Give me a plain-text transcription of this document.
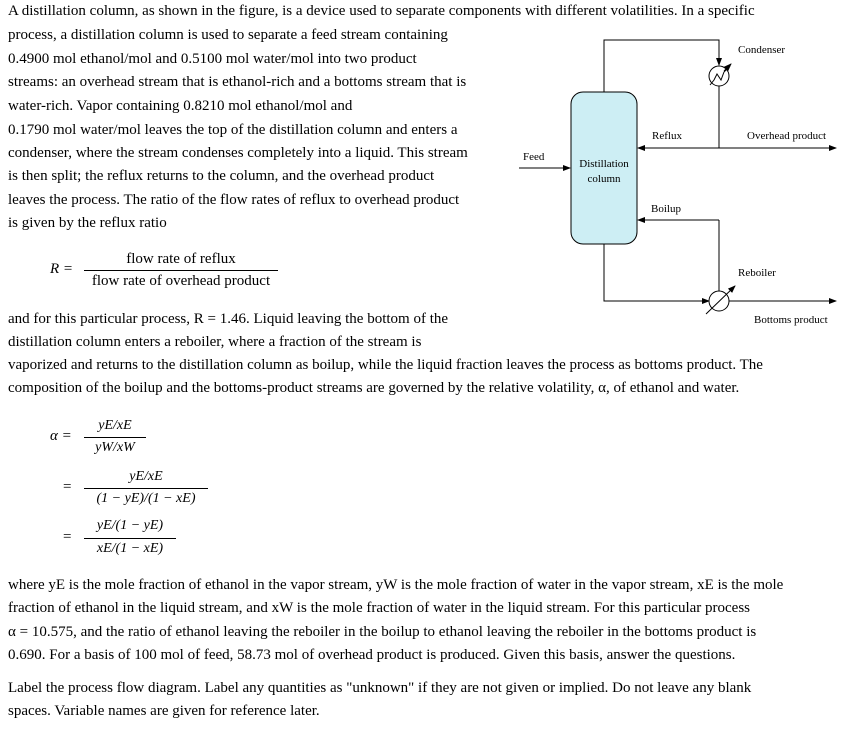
A distillation column, as shown in the figure, is a device used to separate components with different volatilities. In a specific
process, a distillation column is used to separate a feed stream containing
0.4900 mol ethanol/mol and 0.5100 mol water/mol into two product
streams: an overhead stream that is ethanol-rich and a bottoms stream that is
water-rich. Vapor containing 0.8210 mol ethanol/mol and
0.1790 mol water/mol leaves the top of the distillation column and enters a
condenser, where the stream condenses completely into a liquid. This stream
is then split; the reflux returns to the column, and the overhead product
leaves the process. The ratio of the flow rates of reflux to overhead product
is given by the reflux ratio
R =
flow rate of reflux
flow rate of overhead product
and for this particular process, R = 1.46. Liquid leaving the bottom of the
distillation column enters a reboiler, where a fraction of the stream is
vaporized and returns to the distillation column as boilup, while the liquid fraction leaves the process as bottoms product. The
composition of the boilup and the bottoms-product streams are governed by the relative volatility, α, of ethanol and water.
α =
yE/xE
yW/xW
=
yE/xE
(1 − yE)/(1 − xE)
=
yE/(1 − yE)
xE/(1 − xE)
where yE is the mole fraction of ethanol in the vapor stream, yW is the mole fraction of water in the vapor stream, xE is the mole
fraction of ethanol in the liquid stream, and xW is the mole fraction of water in the liquid stream. For this particular process
α = 10.575, and the ratio of ethanol leaving the reboiler in the boilup to ethanol leaving the reboiler in the bottoms product is
0.690. For a basis of 100 mol of feed, 58.73 mol of overhead product is produced. Given this basis, answer the questions.
Label the process flow diagram. Label any quantities as "unknown" if they are not given or implied. Do not leave any blank
spaces. Variable names are given for reference later.
Distillation
column
Feed
Condenser
Overhead product
Reflux
Boilup
Reboiler
Bottoms product
